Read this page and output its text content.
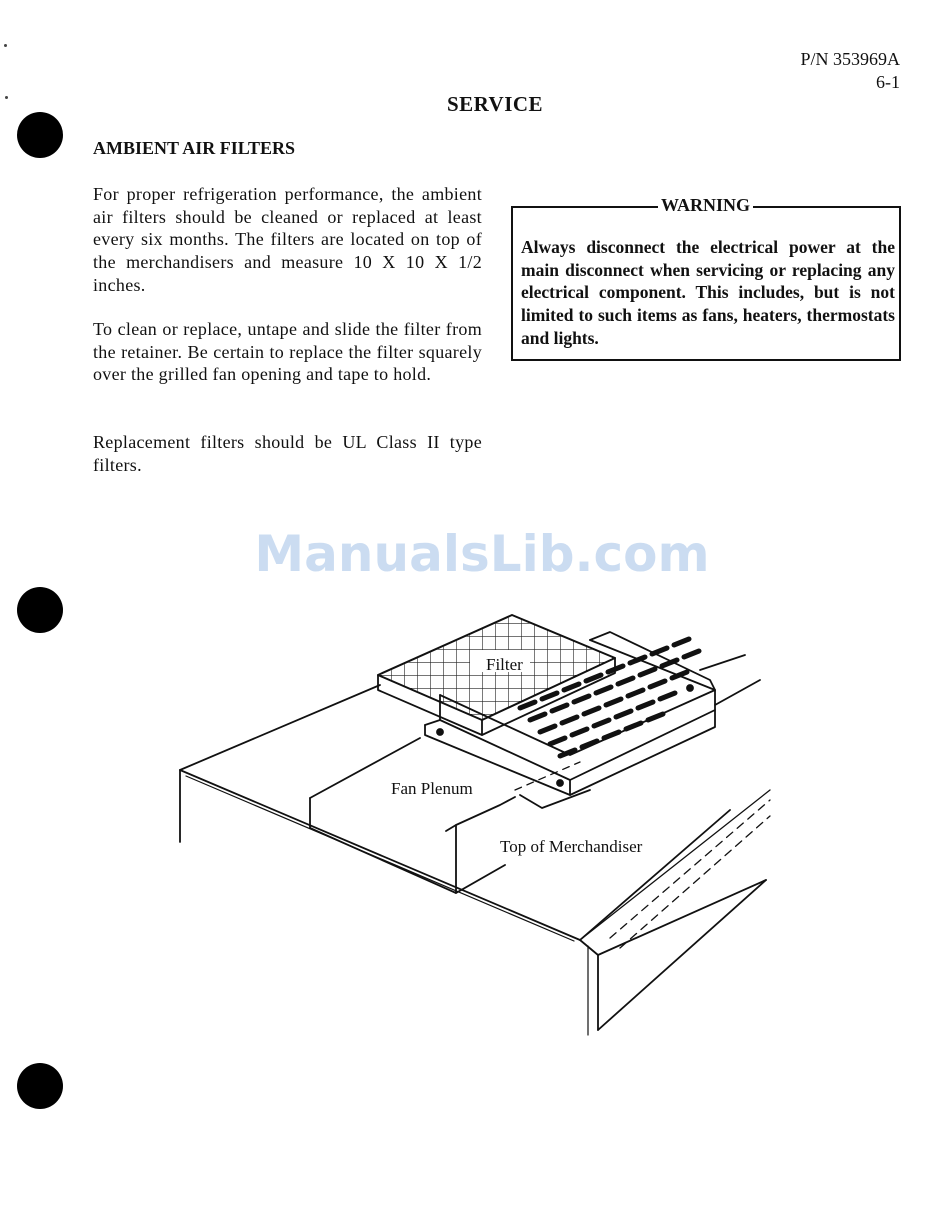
P/N 353969A
6-1
SERVICE
AMBIENT AIR FILTERS
For proper refrigeration performance, the ambient air filters should be cleaned or replaced at least every six months. The filters are located on top of the merchandisers and measure 10 X 10 X 1/2 inches.
To clean or replace, untape and slide the filter from the retainer. Be certain to replace the filter squarely over the grilled fan opening and tape to hold.
Replacement filters should be UL Class II type filters.
WARNING
Always disconnect the electrical power at the main disconnect when servicing or replacing any electrical component. This includes, but is not limited to such items as fans, heaters, thermostats and lights.
ManualsLib.com
Filter
Fan Plenum
Top of Merchandiser
